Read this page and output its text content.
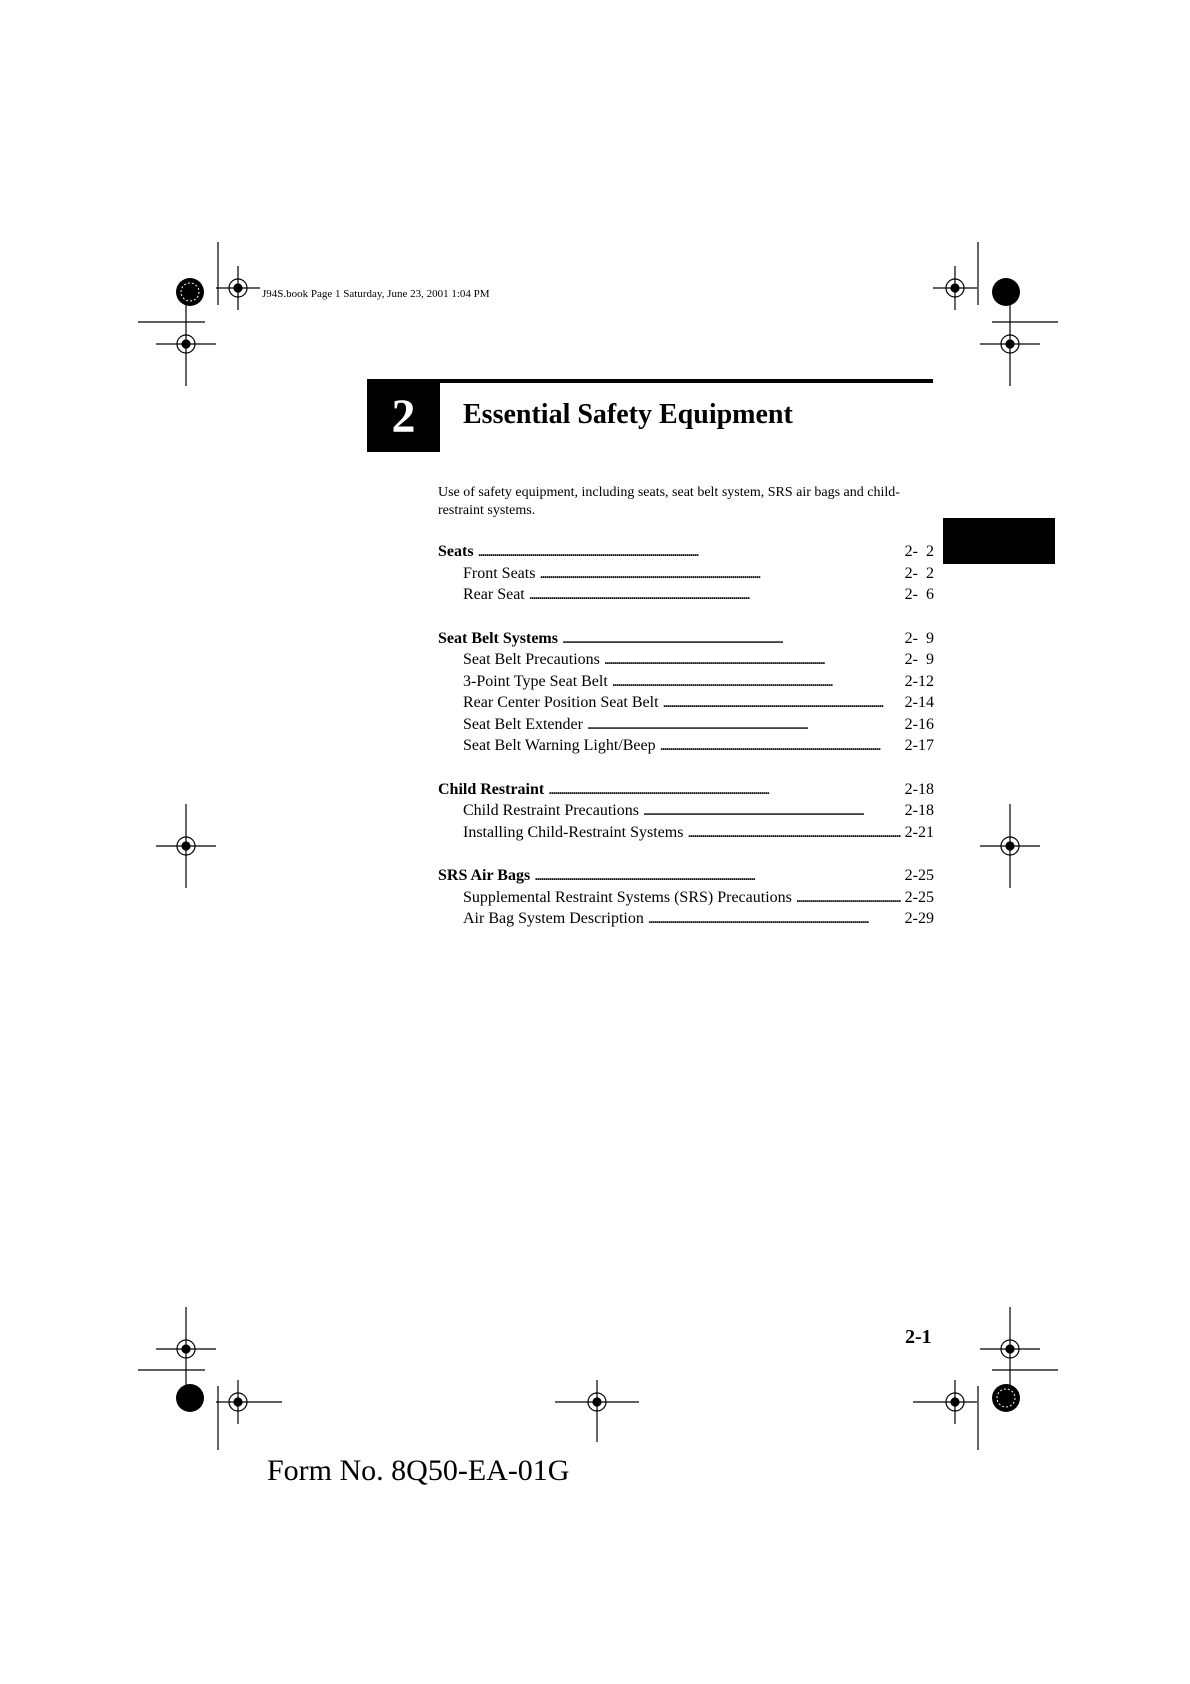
J94S.book Page 1 Saturday, June 23, 2001 1:04 PM
2	Essential Safety Equipment
Use of safety equipment, including seats, seat belt system, SRS air bags and child-restraint systems.
Seats . . .	2-  2
Front Seats . . .	2-  2
Rear Seat . . .	2-  6
Seat Belt Systems . . .	2-  9
Seat Belt Precautions . . .	2-  9
3-Point Type Seat Belt . . .	2-12
Rear Center Position Seat Belt . . .	2-14
Seat Belt Extender . . .	2-16
Seat Belt Warning Light/Beep . . .	2-17
Child Restraint . . .	2-18
Child Restraint Precautions . . .	2-18
Installing Child-Restraint Systems . . .	2-21
SRS Air Bags . . .	2-25
Supplemental Restraint Systems (SRS) Precautions . . .	2-25
Air Bag System Description . . .	2-29
2-1
Form No. 8Q50-EA-01G
